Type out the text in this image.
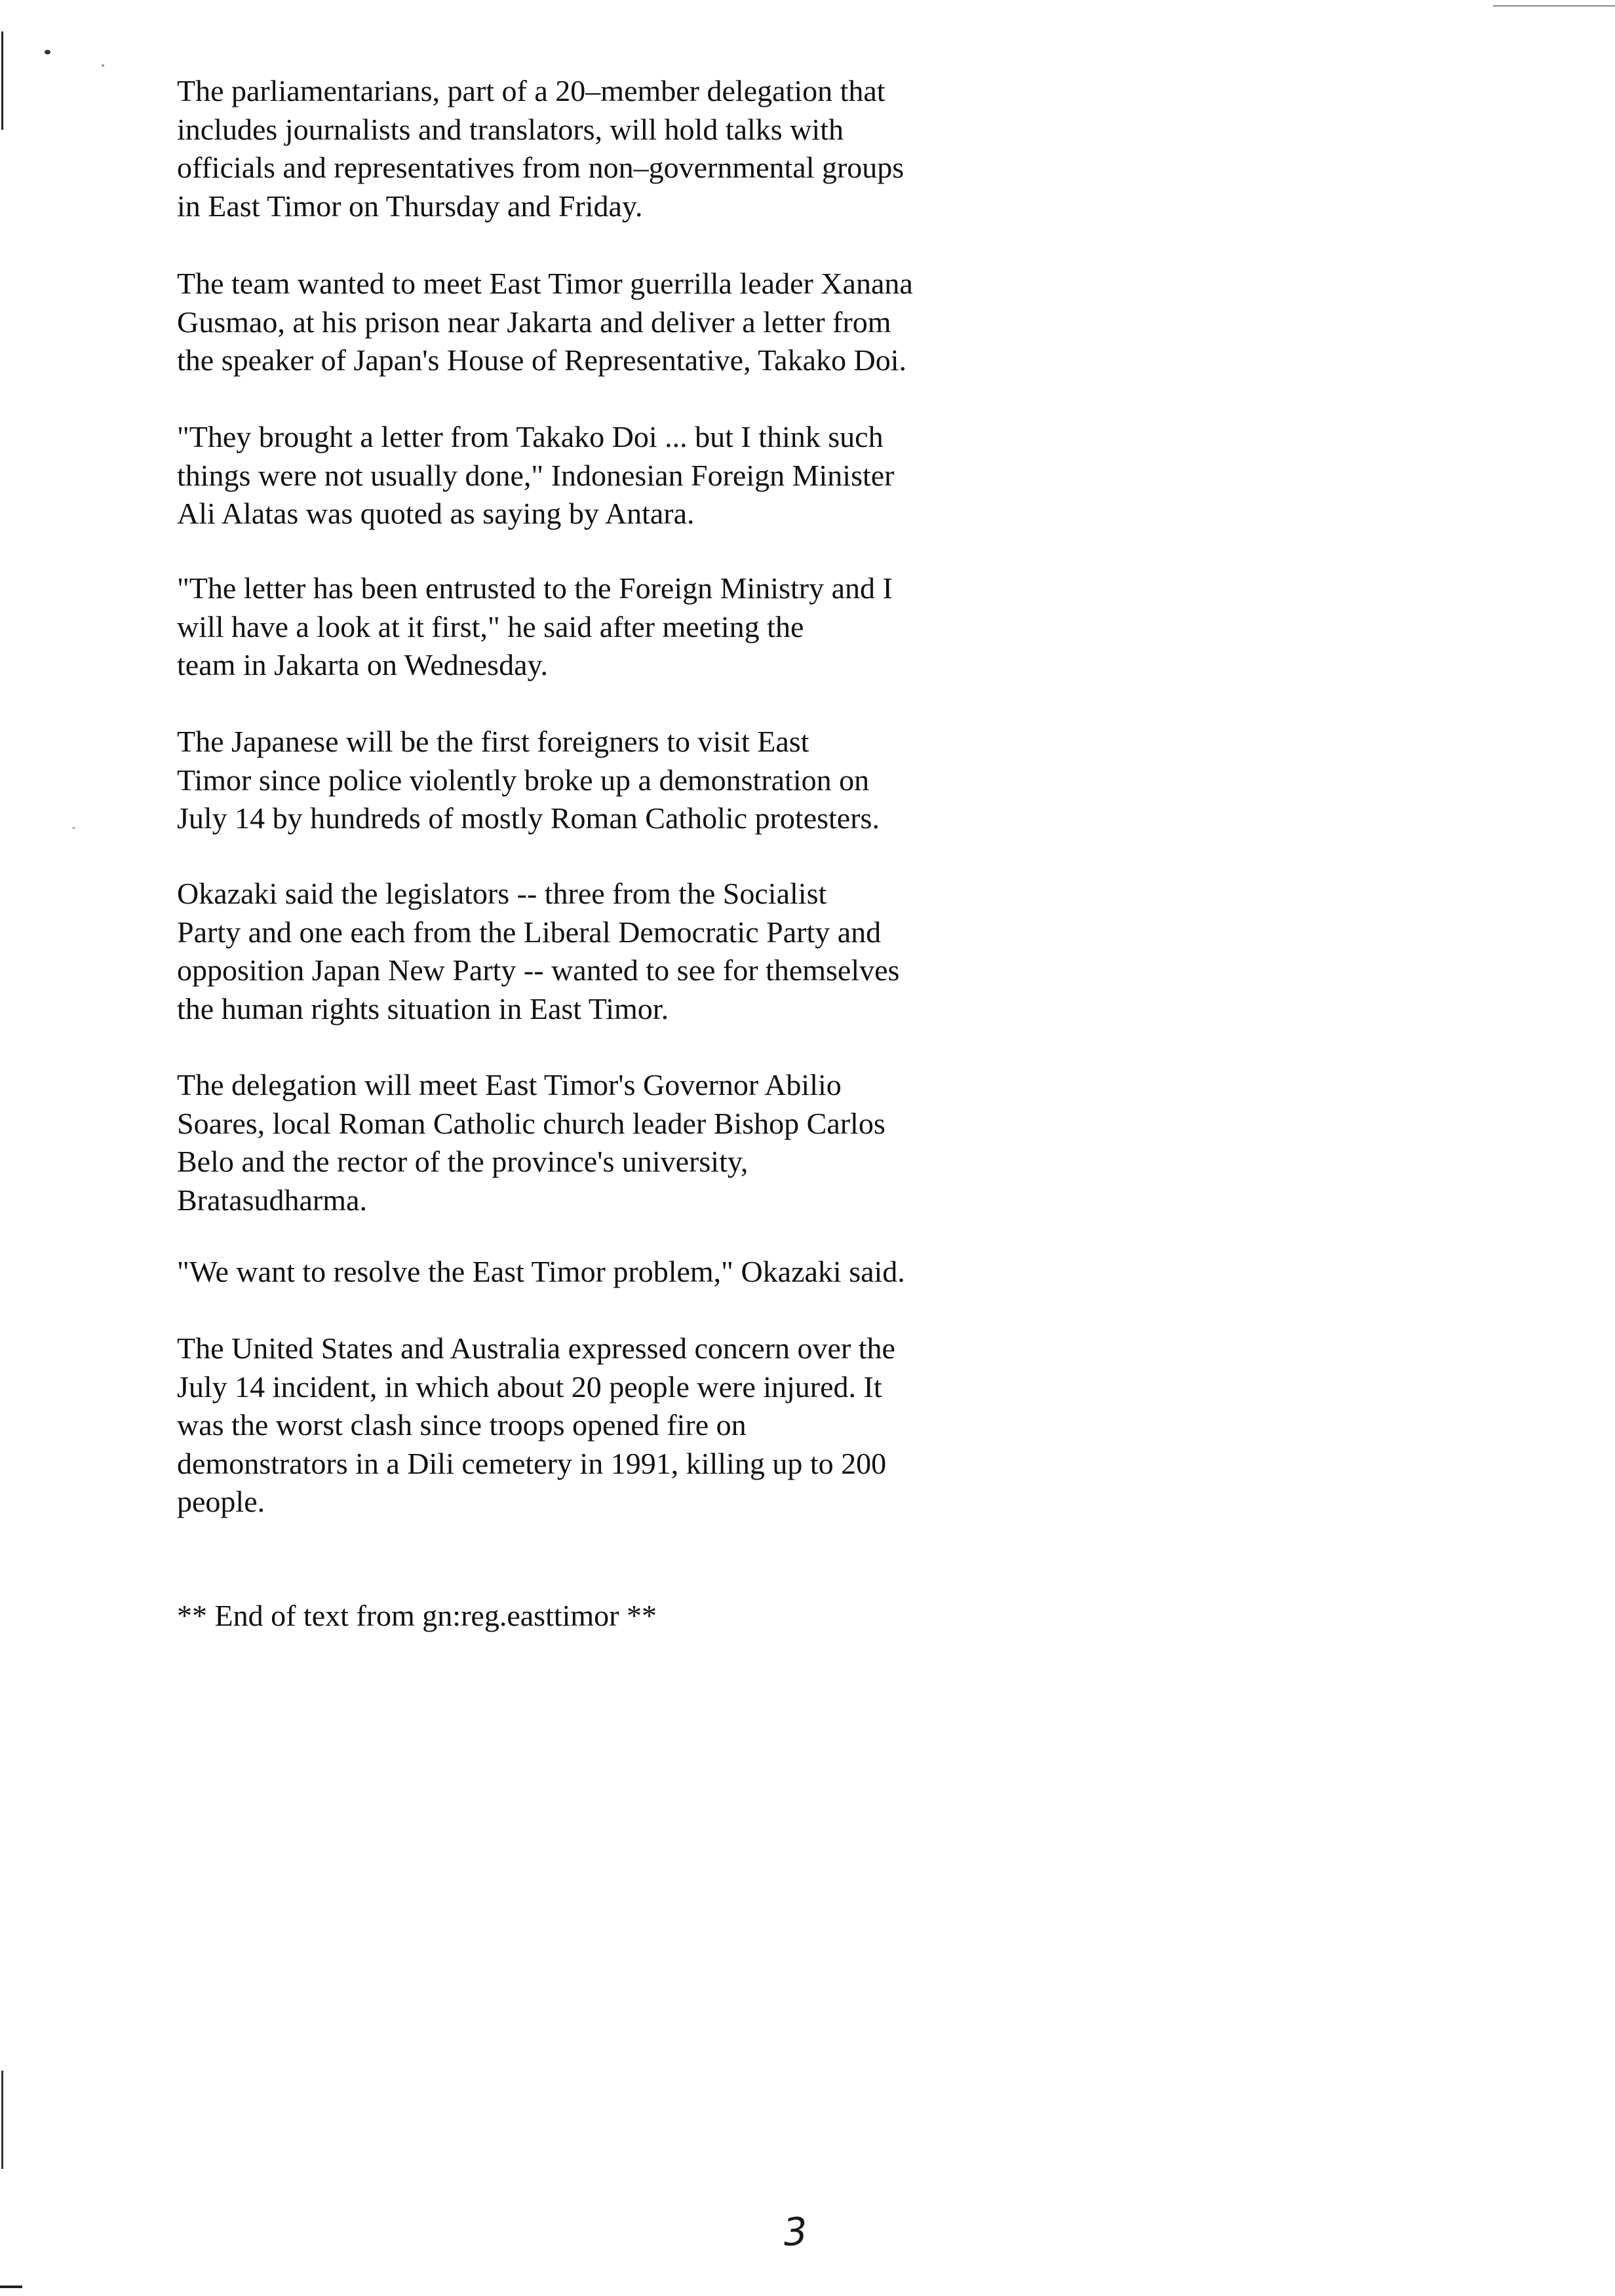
The parliamentarians, part of a 20–member delegation that
includes journalists and translators, will hold talks with
officials and representatives from non–governmental groups
in East Timor on Thursday and Friday.
The team wanted to meet East Timor guerrilla leader Xanana
Gusmao, at his prison near Jakarta and deliver a letter from
the speaker of Japan's House of Representative, Takako Doi.
"They brought a letter from Takako Doi ... but I think such
things were not usually done," Indonesian Foreign Minister
Ali Alatas was quoted as saying by Antara.
"The letter has been entrusted to the Foreign Ministry and I
will have a look at it first," he said after meeting the
team in Jakarta on Wednesday.
The Japanese will be the first foreigners to visit East
Timor since police violently broke up a demonstration on
July 14 by hundreds of mostly Roman Catholic protesters.
Okazaki said the legislators -- three from the Socialist
Party and one each from the Liberal Democratic Party and
opposition Japan New Party -- wanted to see for themselves
the human rights situation in East Timor.
The delegation will meet East Timor's Governor Abilio
Soares, local Roman Catholic church leader Bishop Carlos
Belo and the rector of the province's university,
Bratasudharma.
"We want to resolve the East Timor problem," Okazaki said.
The United States and Australia expressed concern over the
July 14 incident, in which about 20 people were injured. It
was the worst clash since troops opened fire on
demonstrators in a Dili cemetery in 1991, killing up to 200
people.
** End of text from gn:reg.easttimor **
3
